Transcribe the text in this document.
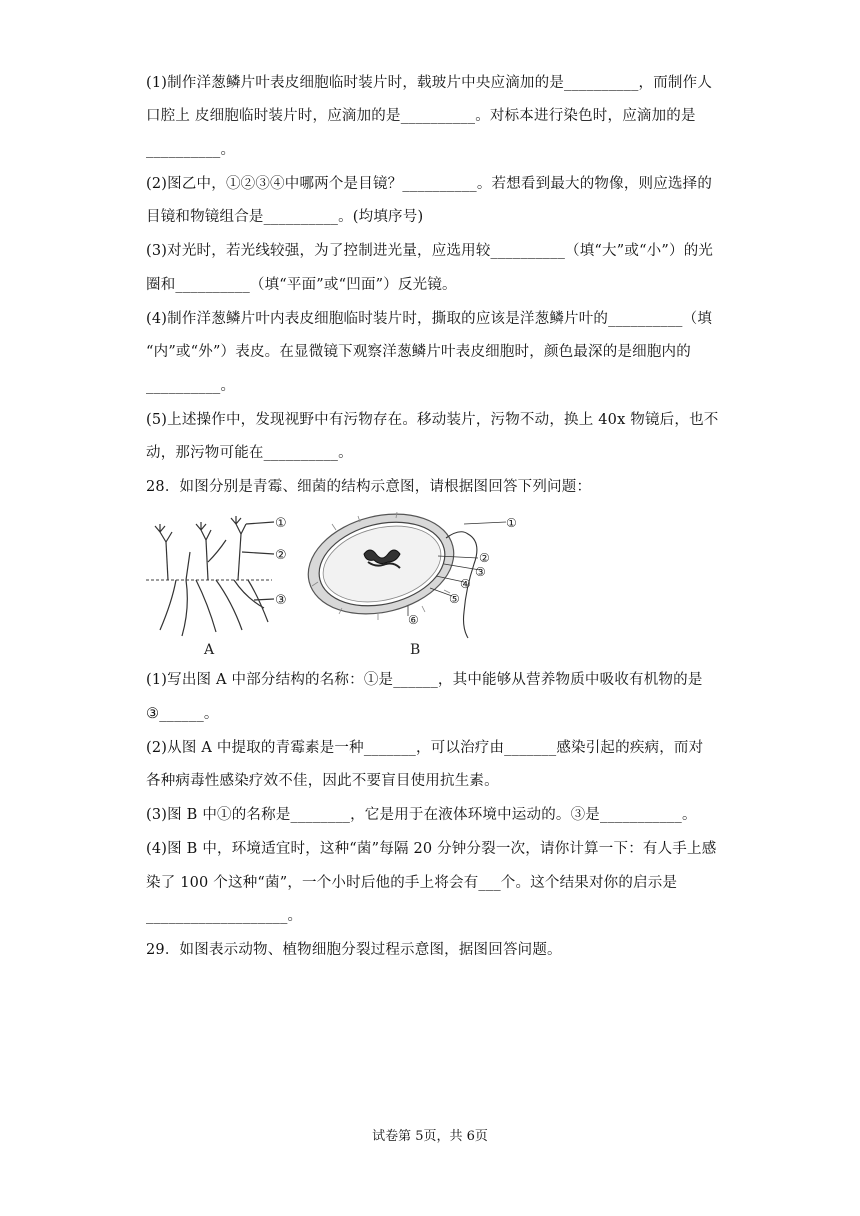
(1)制作洋葱鳞片叶表皮细胞临时装片时，载玻片中央应滴加的是__________，而制作人
口腔上 皮细胞临时装片时，应滴加的是__________。对标本进行染色时，应滴加的是
__________。
(2)图乙中，①②③④中哪两个是目镜？__________。若想看到最大的物像，则应选择的
目镜和物镜组合是__________。(均填序号)
(3)对光时，若光线较强，为了控制进光量，应选用较__________（填“大”或“小”）的光
圈和__________（填“平面”或“凹面”）反光镜。
(4)制作洋葱鳞片叶内表皮细胞临时装片时，撕取的应该是洋葱鳞片叶的__________（填
“内”或“外”）表皮。在显微镜下观察洋葱鳞片叶表皮细胞时，颜色最深的是细胞内的
__________。
(5)上述操作中，发现视野中有污物存在。移动装片，污物不动，换上 40x 物镜后，也不
动，那污物可能在__________。
28．如图分别是青霉、细菌的结构示意图，请根据图回答下列问题：
①
②
③
A
①
②
③
④
⑤
⑥
B
(1)写出图 A 中部分结构的名称：①是______，其中能够从营养物质中吸收有机物的是
③______。
(2)从图 A 中提取的青霉素是一种_______，可以治疗由_______感染引起的疾病，而对
各种病毒性感染疗效不佳，因此不要盲目使用抗生素。
(3)图 B 中①的名称是________，它是用于在液体环境中运动的。③是___________。
(4)图 B 中，环境适宜时，这种“菌”每隔 20 分钟分裂一次，请你计算一下：有人手上感
染了 100 个这种“菌”，一个小时后他的手上将会有___个。这个结果对你的启示是
___________________。
29．如图表示动物、植物细胞分裂过程示意图，据图回答问题。
试卷第 5页，共 6页
